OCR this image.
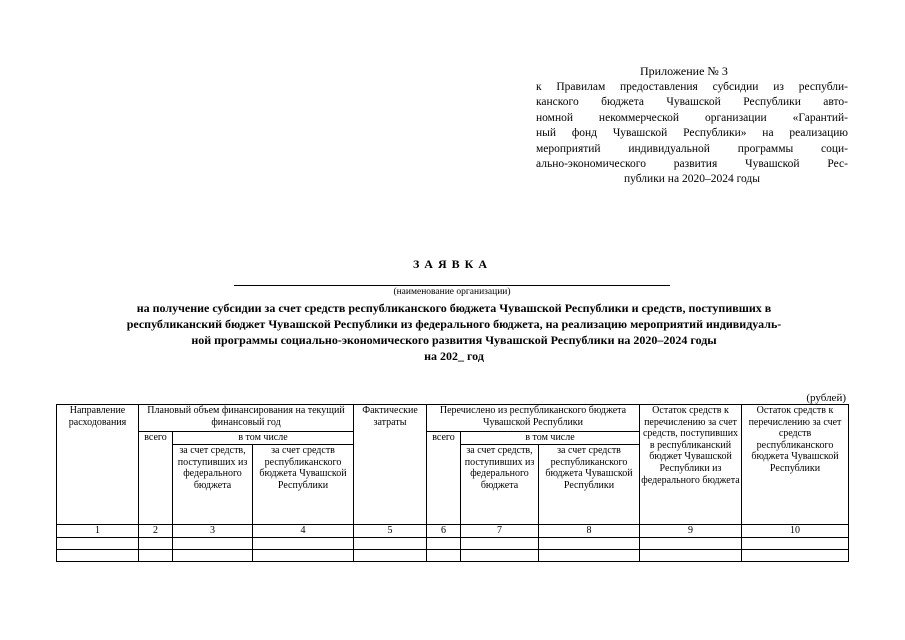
Приложение № 3
к Правилам предоставления субсидии из республи-
канского бюджета Чувашской Республики авто-
номной некоммерческой организации «Гарантий-
ный фонд Чувашской Республики» на реализацию
мероприятий индивидуальной программы соци-
ально-экономического развития Чувашской Рес-
публики на 2020–2024 годы
ЗАЯВКА
(наименование организации)
на получение субсидии за счет средств республиканского бюджета Чувашской Республики и средств, поступивших в
республиканский бюджет Чувашской Республики из федерального бюджета, на реализацию мероприятий индивидуаль-
ной программы социально-экономического развития Чувашской Республики на 2020–2024 годы
на 202_ год
(рублей)
Направление расходования	Плановый объем финансирования на текущий финансовый год			Фактические затраты	Перечислено из республиканского бюджета Чувашской Республики			Остаток средств к перечислению за счет средств, поступивших в республиканский бюджет Чувашской Республики из федерального бюджета	Остаток средств к перечислению за счет средств республиканского бюджета Чувашской Республики
	всего	в том числе			всего	в том числе			
		за счет средств, поступивших из федерального бюджета	за счет средств республиканского бюджета Чувашской Республики			за счет средств, поступивших из федерального бюджета	за счет средств республиканского бюджета Чувашской Республики		
1	2	3	4	5	6	7	8	9	10
